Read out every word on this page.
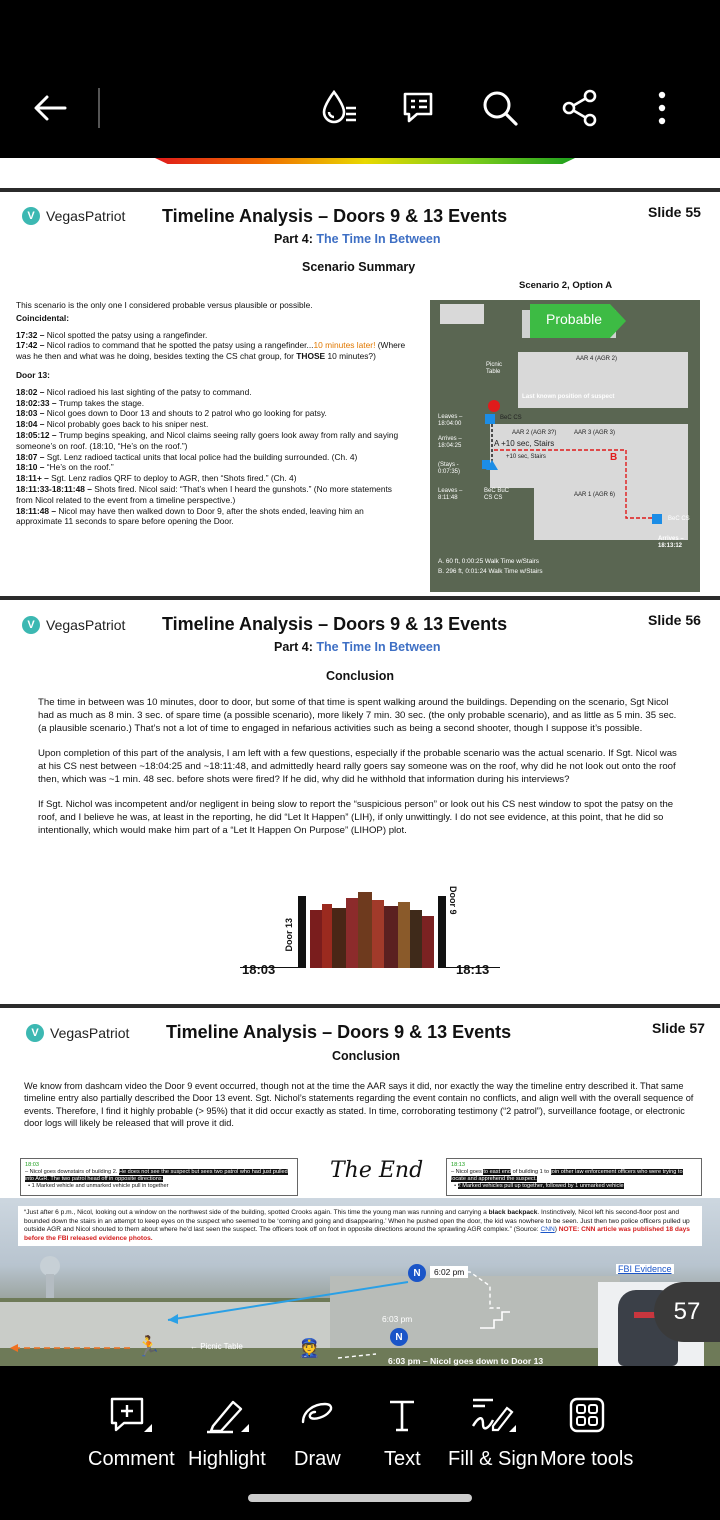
V VegasPatriot Timeline Analysis – Doors 9 & 13 Events	Slide 55
Part 4: The Time In Between
Scenario Summary
Scenario 2, Option A

This scenario is the only one I considered probable versus plausible or possible.

Coincidental:

17:32 – Nicol spotted the patsy using a rangefinder.

17:42 – Nicol radios to command that he spotted the patsy using a rangefinder...10 minutes later! (Where was he then and what was he doing, besides texting the CS chat group, for THOSE 10 minutes?)

Door 13:

18:02 – Nicol radioed his last sighting of the patsy to command.

18:02:33 – Trump takes the stage.

18:03 – Nicol goes down to Door 13 and shouts to 2 patrol who go looking for patsy.

18:04 – Nicol probably goes back to his sniper nest.

18:05:12 – Trump begins speaking, and Nicol claims seeing rally goers look away from rally and saying someone’s on roof. (18:10, “He’s on the roof.”)

18:07 – Sgt. Lenz radioed tactical units that local police had the building surrounded. (Ch. 4)

18:10 – “He’s on the roof.”

18:11+ – Sgt. Lenz radios QRF to deploy to AGR, then “Shots fired.” (Ch. 4)

18:11:33-18:11:48 – Shots fired. Nicol said: “That’s when I heard the gunshots.” (No more statements from Nicol related to the event from a timeline perspective.)

18:11:48 – Nicol may have then walked down to Door 9, after the shots ended, leaving him an approximate 11 seconds to spare before opening the Door.

Probable
Picnic Table
AAR 4 (AGR 2)
Last known position of suspect
Leaves – 18:04:00
BeC CS
AAR 2 (AGR 3?)	AAR 3 (AGR 3)
A +10 sec, Stairs
Arrives – 18:04:25
+10 sec, Stairs	B
(Stays - 0:07:35)
Leaves – 8:11:48
BeC BuC CS CS	AAR 1 (AGR 6)
BeC CS
Arrives – 18:13:12
A. 60 ft, 0:00:25 Walk Time w/Stairs
B. 296 ft, 0:01:24 Walk Time w/Stairs
V VegasPatriot Timeline Analysis – Doors 9 & 13 Events	Slide 56
Part 4: The Time In Between
Conclusion

The time in between was 10 minutes, door to door, but some of that time is spent walking around the buildings. Depending on the scenario, Sgt Nicol had as much as 8 min. 3 sec. of spare time (a possible scenario), more likely 7 min. 30 sec. (the only probable scenario), and as little as 5 min. 35 sec. (a plausible scenario.) That’s not a lot of time to engaged in nefarious activities such as being a second shooter, though I suppose it’s possible.

Upon completion of this part of the analysis, I am left with a few questions, especially if the probable scenario was the actual scenario. If Sgt. Nicol was at his CS nest between ~18:04:25 and ~18:11:48, and admittedly heard rally goers say someone was on the roof, why did he not look out onto the roof then, which was ~1 min. 48 sec. before shots were fired? If he did, why did he withhold that information during his interviews?

If Sgt. Nichol was incompetent and/or negligent in being slow to report the “suspicious person” or look out his CS nest window to spot the patsy on the roof, and I believe he was, at least in the reporting, he did “Let It Happen” (LIH), if only unwittingly. I do not see evidence, at this point, that he did so intentionally, which would make him part of a “Let It Happen On Purpose” (LIHOP) plot.

Door 13
Door 9
18:03	18:13
V VegasPatriot Timeline Analysis – Doors 9 & 13 Events	Slide 57
Conclusion
We know from dashcam video the Door 9 event occurred, though not at the time the AAR says it did, nor exactly the way the timeline entry described it. That same timeline entry also partially described the Door 13 event. Sgt. Nichol’s statements regarding the event contain no conflicts, and align well with the overall sequence of events. Therefore, I find it highly probable (> 95%) that it did occur exactly as stated. In time, corroborating testimony (“2 patrol”), surveillance footage, or electronic door logs will likely be released that will prove it did.
18:03
– Nicol goes downstairs of building 2. He does not see the suspect but sees two patrol who had just pulled into AGR. The two patrol head off in opposite directions.
• 1 Marked vehicle and unmarked vehicle pull in together
The End	18:13
– Nicol goes to east end of building 1 to join other law enforcement officers who were trying to locate and apprehend the suspect.
• 2 Marked vehicles pull up together, followed by 1 unmarked vehicle
“Just after 6 p.m., Nicol, looking out a window on the northwest side of the building, spotted Crooks again. This time the young man was running and carrying a black backpack. Instinctively, Nicol left his second-floor post and bounded down the stairs in an attempt to keep eyes on the suspect who seemed to be ‘coming and going and disappearing.’ When he pushed open the door, the kid was nowhere to be seen. Just then two police officers pulled up outside AGR and Nicol shouted to them about where he’d last seen the suspect. The officers took off on foot in opposite directions around the sprawling AGR complex.” (Source: CNN) NOTE: CNN article was published 18 days before the FBI released evidence photos.
N	6:02 pm
6:03 pm
N
🏃	← Picnic Table	👮
6:03 pm – Nicol goes down to Door 13
FBI Evidence
57
Comment Highlight Draw Text Fill & Sign More tools
